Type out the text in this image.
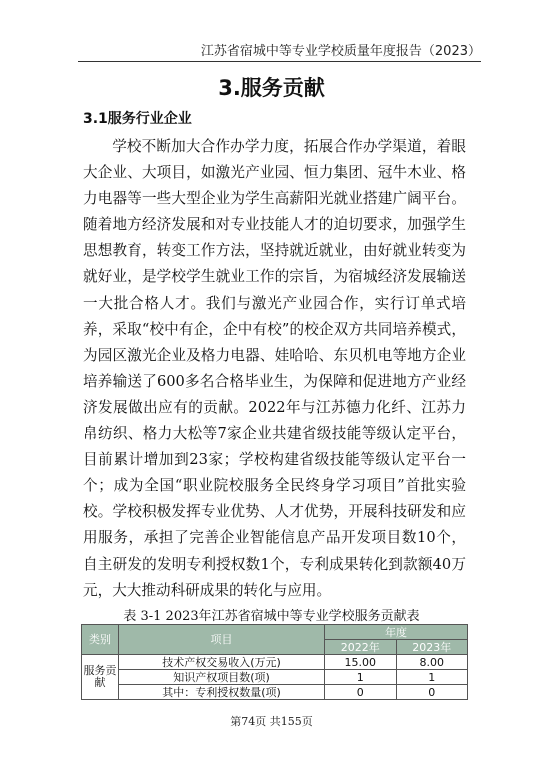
江苏省宿城中等专业学校质量年度报告（2023）
3.服务贡献
3.1服务行业企业

学校不断加大合作办学力度，拓展合作办学渠道，着眼大企业、大项目，如激光产业园、恒力集团、冠牛木业、格力电器等一些大型企业为学生高薪阳光就业搭建广阔平台。随着地方经济发展和对专业技能人才的迫切要求，加强学生思想教育，转变工作方法，坚持就近就业，由好就业转变为就好业，是学校学生就业工作的宗旨，为宿城经济发展输送一大批合格人才。我们与激光产业园合作，实行订单式培养，采取“校中有企，企中有校”的校企双方共同培养模式，为园区激光企业及格力电器、娃哈哈、东贝机电等地方企业培养输送了600多名合格毕业生，为保障和促进地方产业经济发展做出应有的贡献。2022年与江苏德力化纤、江苏力帛纺织、格力大松等7家企业共建省级技能等级认定平台，目前累计增加到23家；学校构建省级技能等级认定平台一个；成为全国“职业院校服务全民终身学习项目”首批实验校。学校积极发挥专业优势、人才优势，开展科技研发和应用服务，承担了完善企业智能信息产品开发项目数10个，自主研发的发明专利授权数1个，专利成果转化到款额40万元，大大推动科研成果的转化与应用。

表 3-1 2023年江苏省宿城中等专业学校服务贡献表
类别	项目	年度	
		2022年	2023年
服务贡献	技术产权交易收入(万元)	15.00	8.00
	知识产权项目数(项)	1	1
	其中：专利授权数量(项)	0	0
第74页 共155页
